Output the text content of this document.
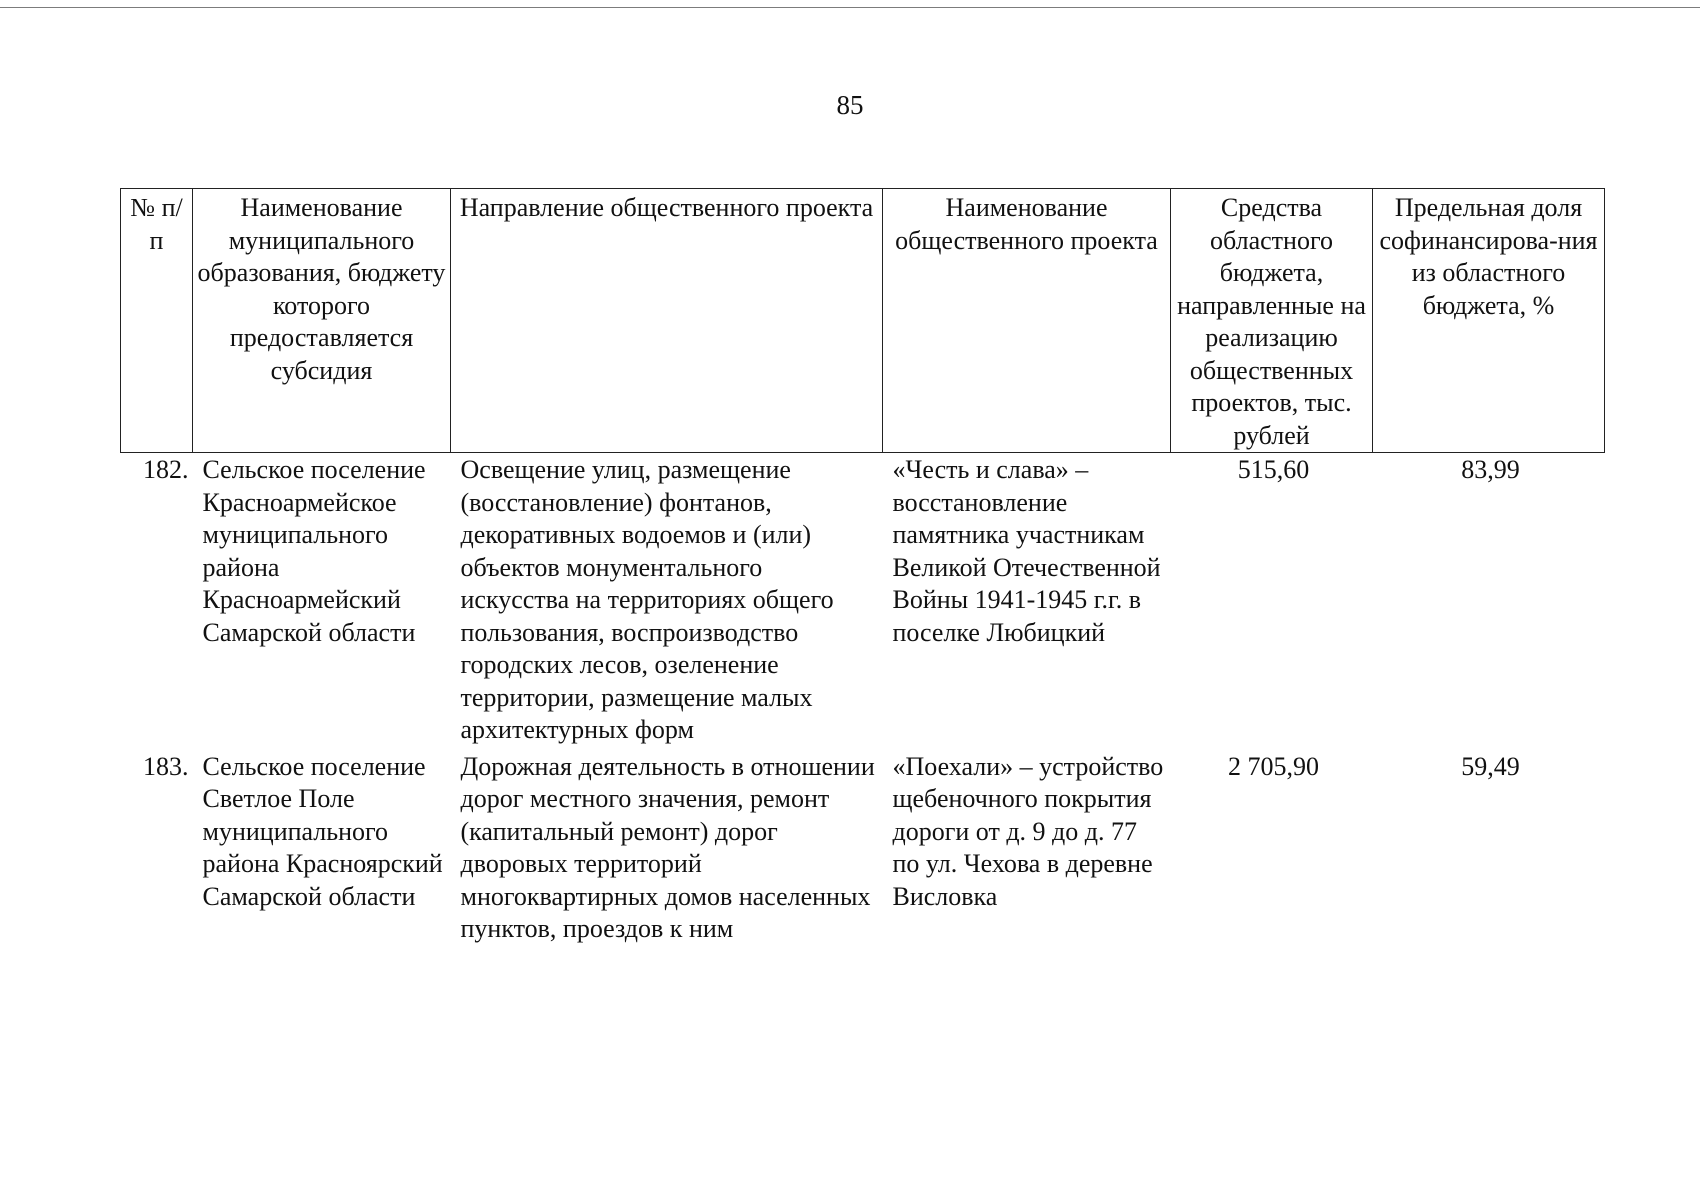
85
№ п/п	Наименование муниципального образования, бюджету которого предоставляется субсидия	Направление общественного проекта	Наименование общественного проекта	Средства областного бюджета, направленные на реализацию общественных проектов, тыс. рублей	Предельная доля софинансирова-ния из областного бюджета, %
182.	Сельское поселение Красноармейское муниципального района Красноармейский Самарской области	Освещение улиц, размещение (восстановление) фонтанов, декоративных водоемов и (или) объектов монументального искусства на территориях общего пользования, воспроизводство городских лесов, озеленение территории, размещение малых архитектурных форм	«Честь и слава» – восстановление памятника участникам Великой Отечественной Войны 1941-1945 г.г. в поселке Любицкий	515,60	83,99
183.	Сельское поселение Светлое Поле муниципального района Красноярский Самарской области	Дорожная деятельность в отношении дорог местного значения, ремонт (капитальный ремонт) дорог дворовых территорий многоквартирных домов населенных пунктов, проездов к ним	«Поехали» – устройство щебеночного покрытия дороги от д. 9 до д. 77 по ул. Чехова в деревне Висловка	2 705,90	59,49
